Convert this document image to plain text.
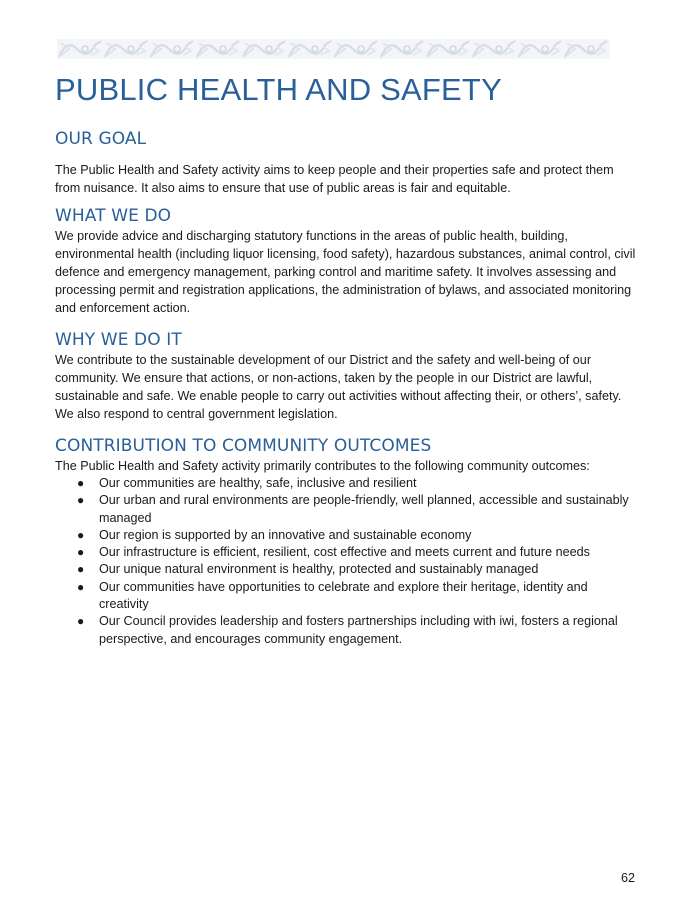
PUBLIC HEALTH AND SAFETY
OUR GOAL

The Public Health and Safety activity aims to keep people and their properties safe and protect them from nuisance. It also aims to ensure that use of public areas is fair and equitable.

WHAT WE DO

We provide advice and discharging statutory functions in the areas of public health, building, environmental health (including liquor licensing, food safety), hazardous substances, animal control, civil defence and emergency management, parking control and maritime safety. It involves assessing and processing permit and registration applications, the administration of bylaws, and associated monitoring and enforcement action.

WHY WE DO IT

We contribute to the sustainable development of our District and the safety and well-being of our community. We ensure that actions, or non-actions, taken by the people in our District are lawful, sustainable and safe. We enable people to carry out activities without affecting their, or others’, safety. We also respond to central government legislation.

CONTRIBUTION TO COMMUNITY OUTCOMES

The Public Health and Safety activity primarily contributes to the following community outcomes:

● Our communities are healthy, safe, inclusive and resilient
● Our urban and rural environments are people-friendly, well planned, accessible and sustainably managed
● Our region is supported by an innovative and sustainable economy
● Our infrastructure is efficient, resilient, cost effective and meets current and future needs
● Our unique natural environment is healthy, protected and sustainably managed
● Our communities have opportunities to celebrate and explore their heritage, identity and creativity
● Our Council provides leadership and fosters partnerships including with iwi, fosters a regional perspective, and encourages community engagement.
62
